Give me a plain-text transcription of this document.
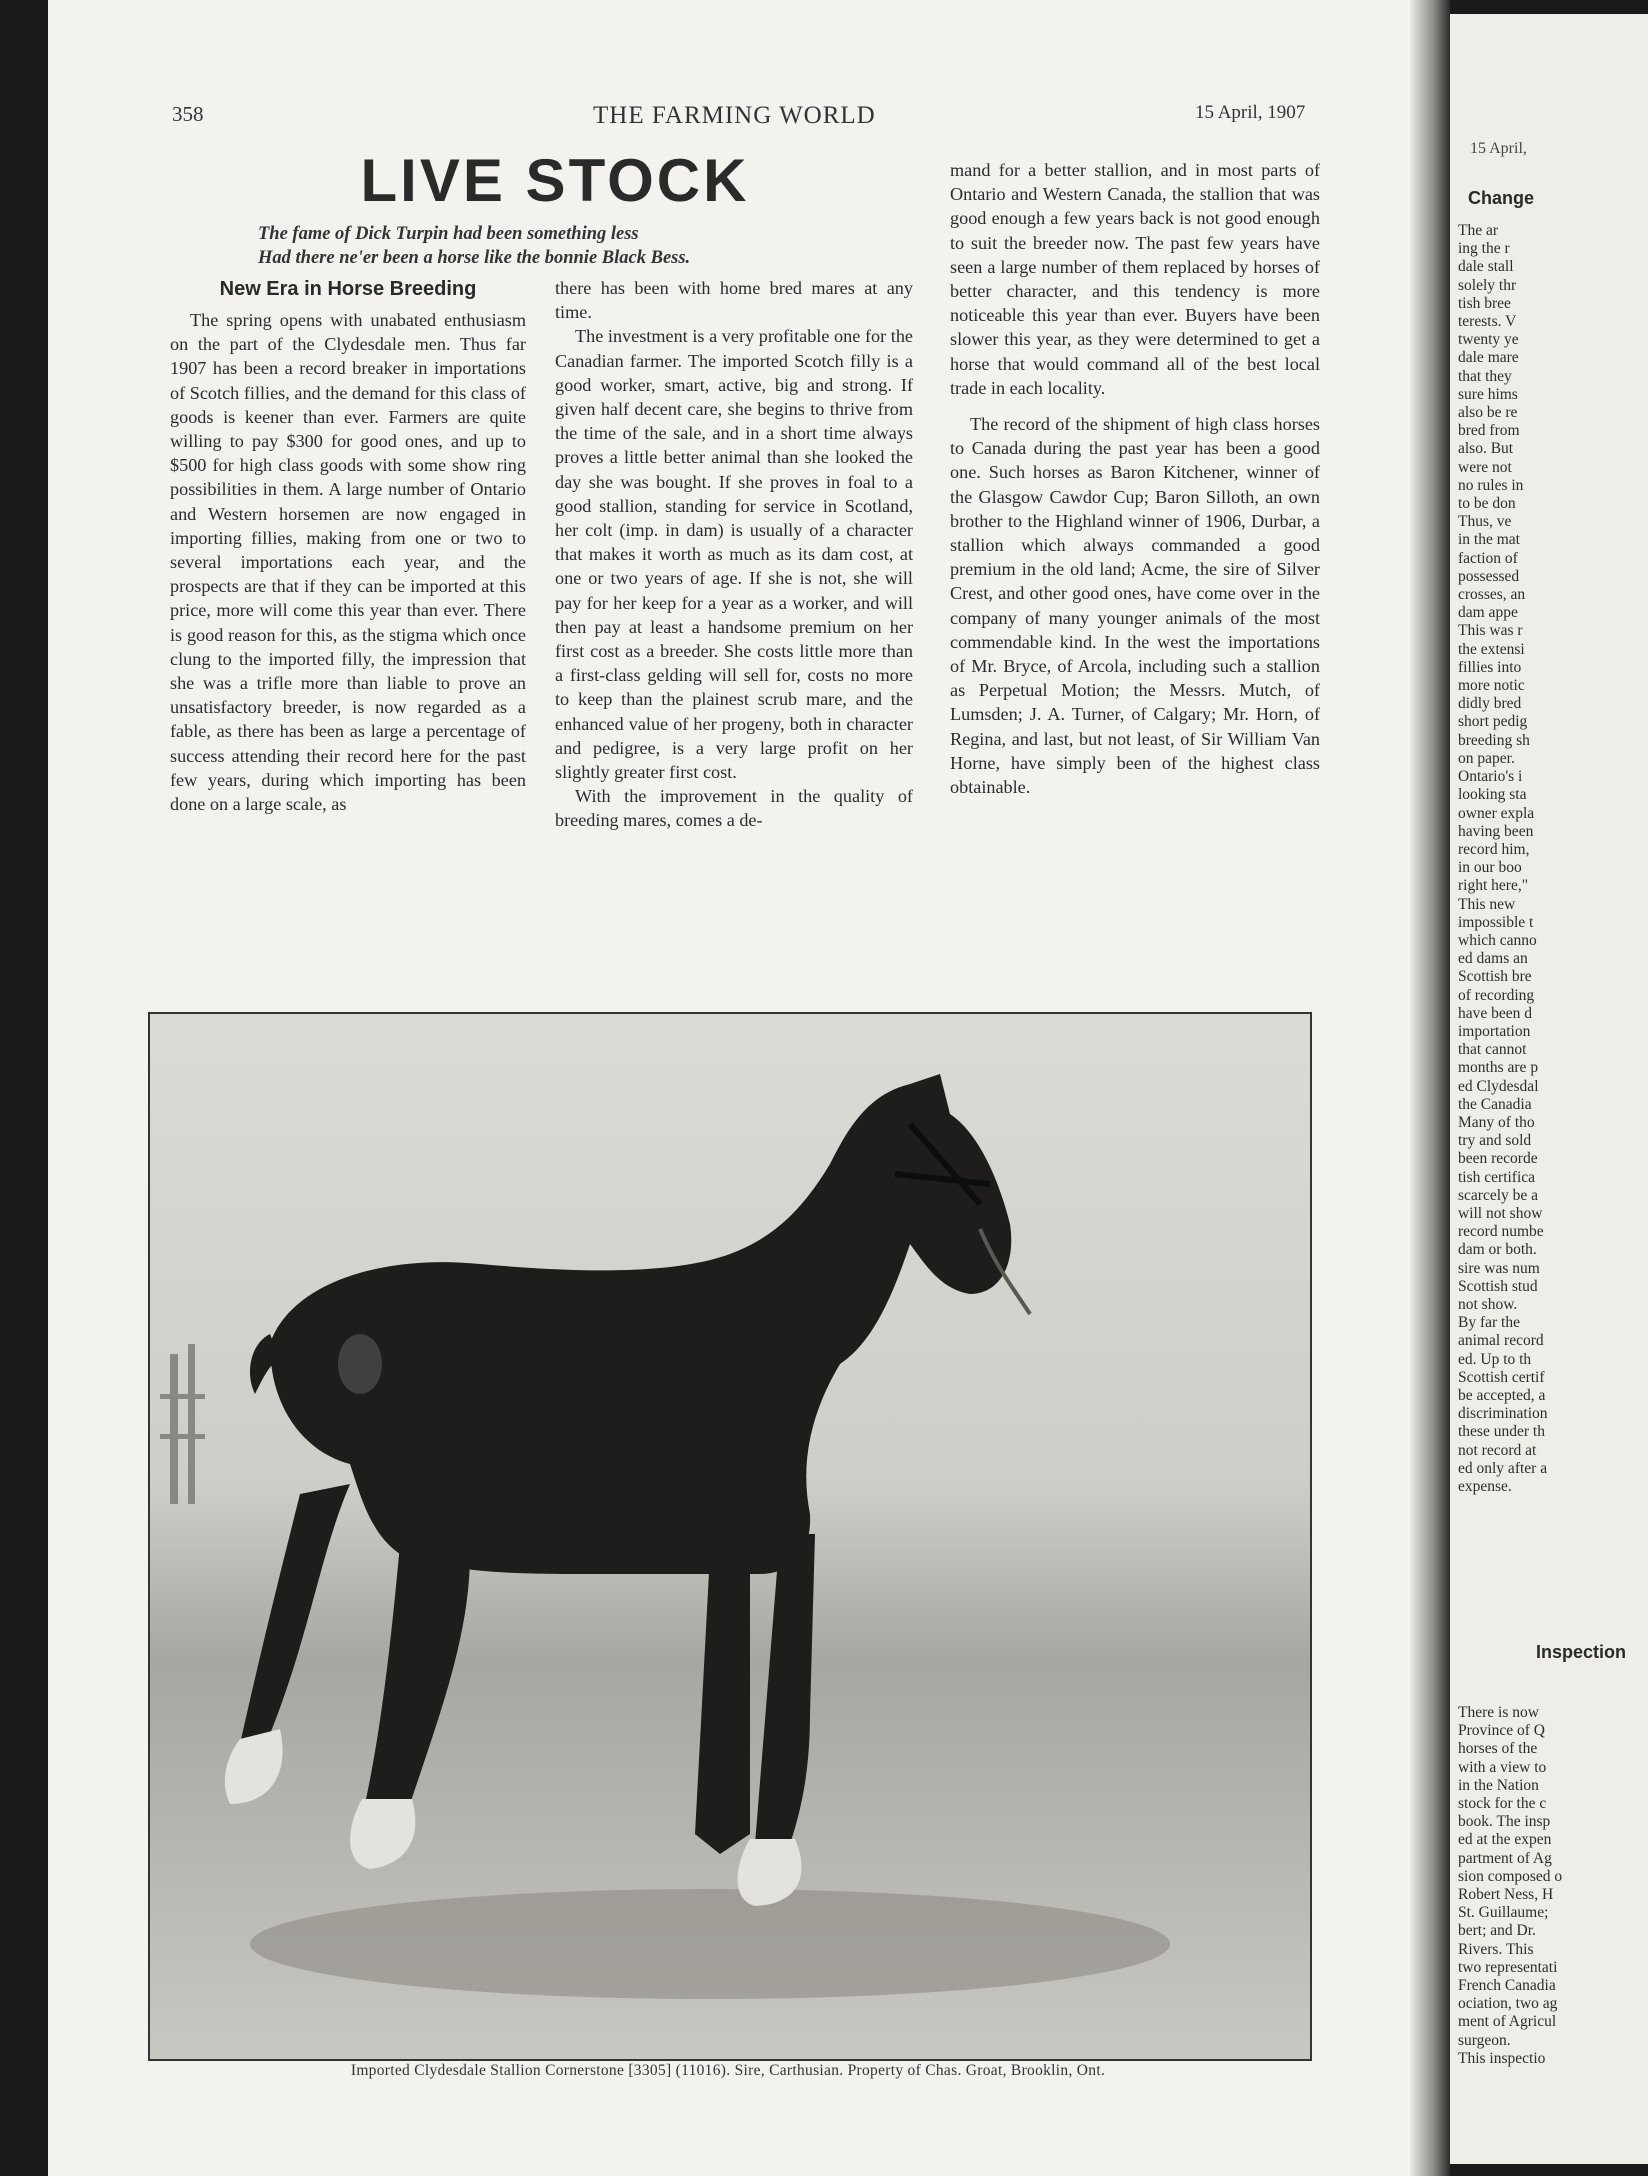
358	THE FARMING WORLD	15 April, 1907
LIVE STOCK
The fame of Dick Turpin had been something less
Had there ne'er been a horse like the bonnie Black Bess.
New Era in Horse Breeding

The spring opens with unabated enthusiasm on the part of the Clydesdale men. Thus far 1907 has been a record breaker in importations of Scotch fillies, and the demand for this class of goods is keener than ever. Farmers are quite willing to pay $300 for good ones, and up to $500 for high class goods with some show ring possibilities in them. A large number of Ontario and Western horsemen are now engaged in importing fillies, making from one or two to several importations each year, and the prospects are that if they can be imported at this price, more will come this year than ever. There is good reason for this, as the stigma which once clung to the imported filly, the impression that she was a trifle more than liable to prove an unsatisfactory breeder, is now regarded as a fable, as there has been as large a percentage of success attending their record here for the past few years, during which importing has been done on a large scale, as

there has been with home bred mares at any time.

The investment is a very profitable one for the Canadian farmer. The imported Scotch filly is a good worker, smart, active, big and strong. If given half decent care, she begins to thrive from the time of the sale, and in a short time always proves a little better animal than she looked the day she was bought. If she proves in foal to a good stallion, standing for service in Scotland, her colt (imp. in dam) is usually of a character that makes it worth as much as its dam cost, at one or two years of age. If she is not, she will pay for her keep for a year as a worker, and will then pay at least a handsome premium on her first cost as a breeder. She costs little more than a first-class gelding will sell for, costs no more to keep than the plainest scrub mare, and the enhanced value of her progeny, both in character and pedigree, is a very large profit on her slightly greater first cost.

With the improvement in the quality of breeding mares, comes a de-

mand for a better stallion, and in most parts of Ontario and Western Canada, the stallion that was good enough a few years back is not good enough to suit the breeder now. The past few years have seen a large number of them replaced by horses of better character, and this tendency is more noticeable this year than ever. Buyers have been slower this year, as they were determined to get a horse that would command all of the best local trade in each locality.

The record of the shipment of high class horses to Canada during the past year has been a good one. Such horses as Baron Kitchener, winner of the Glasgow Cawdor Cup; Baron Silloth, an own brother to the Highland winner of 1906, Durbar, a stallion which always commanded a good premium in the old land; Acme, the sire of Silver Crest, and other good ones, have come over in the company of many younger animals of the most commendable kind. In the west the importations of Mr. Bryce, of Arcola, including such a stallion as Perpetual Motion; the Messrs. Mutch, of Lumsden; J. A. Turner, of Calgary; Mr. Horn, of Regina, and last, but not least, of Sir William Van Horne, have simply been of the highest class obtainable.

Imported Clydesdale Stallion Cornerstone [3305] (11016). Sire, Carthusian. Property of Chas. Groat, Brooklin, Ont.
15 April,
Change
The ar
ing the r
dale stall
solely thr
tish bree
terests. V
twenty ye
dale mare
that they
sure hims
also be re
bred from
also. But
were not
no rules in
to be don
Thus, ve
in the mat
faction of
possessed
crosses, an
dam appe
This was r
the extensi
fillies into
more notic
didly bred
short pedig
breeding sh
on paper.
Ontario's i
looking sta
owner expla
having been
record him,
in our boo
right here,"
This new
impossible t
which canno
ed dams an
Scottish bre
of recording
have been d
importation
that cannot
months are p
ed Clydesdal
the Canadia
Many of tho
try and sold
been recorde
tish certifica
scarcely be a
will not show
record numbe
dam or both.
sire was num
Scottish stud
not show.
By far the
animal record
ed. Up to th
Scottish certif
be accepted, a
discrimination
these under th
not record at
ed only after a
expense.
Inspection
There is now
Province of Q
horses of the
with a view to
in the Nation
stock for the c
book. The insp
ed at the expen
partment of Ag
sion composed o
Robert Ness, H
St. Guillaume;
bert; and Dr.
Rivers. This
two representati
French Canadia
ociation, two ag
ment of Agricul
surgeon.
This inspectio
